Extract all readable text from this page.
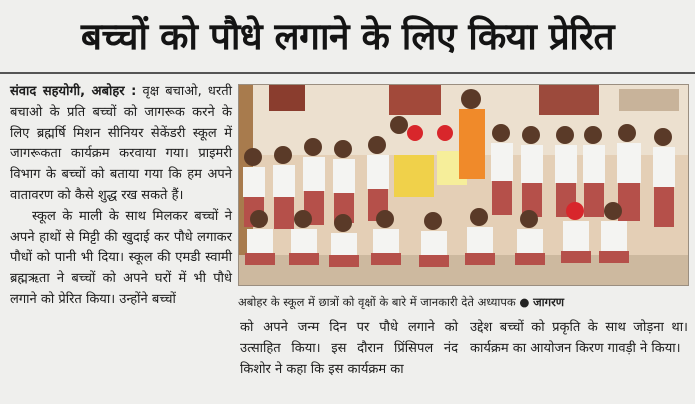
बच्चों को पौधे लगाने के लिए किया प्रेरित

संवाद सहयोगी, अबोहर : वृक्ष बचाओ, धरती बचाओ के प्रति बच्चों को जागरूक करने के लिए ब्रह्मर्षि मिशन सीनियर सेकेंडरी स्कूल में जागरूकता कार्यक्रम करवाया गया। प्राइमरी विभाग के बच्चों को बताया गया कि हम अपने वातावरण को कैसे शुद्ध रख सकते हैं।

स्कूल के माली के साथ मिलकर बच्चों ने अपने हाथों से मिट्टी की खुदाई कर पौधे लगाकर पौधों को पानी भी दिया। स्कूल की एमडी स्वामी ब्रह्मऋता ने बच्चों को अपने घरों में भी पौधे लगाने को प्रेरित किया। उन्होंने बच्चों	अबोहर के स्कूल में छात्रों को वृक्षों के बारे में जानकारी देते अध्यापक ● जागरण

को अपने जन्म दिन पर पौधे लगाने को उत्साहित किया। इस दौरान प्रिंसिपल नंद किशोर ने कहा कि इस कार्यक्रम का

उद्देश बच्चों को प्रकृति के साथ जोड़ना था। कार्यक्रम का आयोजन किरण गावड़ी ने किया।
